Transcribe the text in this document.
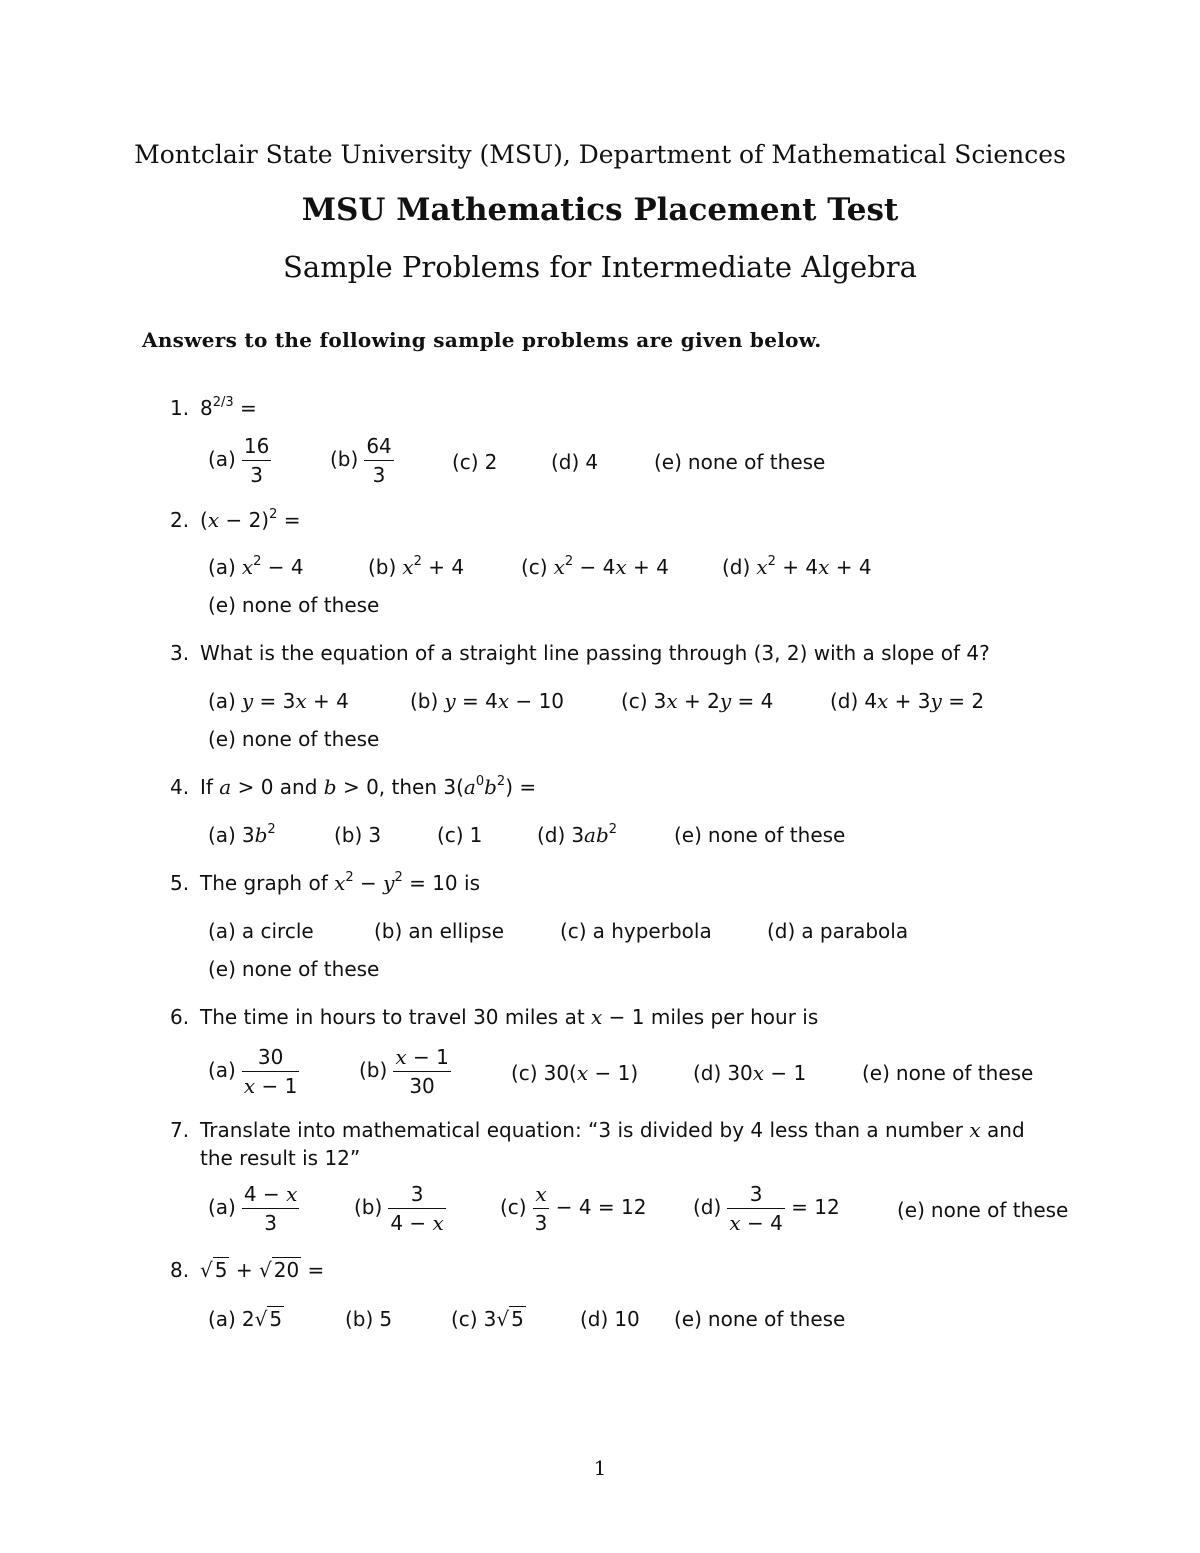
Montclair State University (MSU), Department of Mathematical Sciences
MSU Mathematics Placement Test
Sample Problems for Intermediate Algebra
Answers to the following sample problems are given below.
1. $8^{2/3}$ =
$(a) \frac{16}{3}$	$(b) \frac{64}{3}$	(c) 2	(d) 4	(e) none of these
2. $(x - 2)^2$ =
(a) $x^2 - 4$	(b) $x^2 + 4$	(c) $x^2 - 4x + 4$	(d) $x^2 + 4x + 4$
(e) none of these
3. What is the equation of a straight line passing through (3, 2) with a slope of 4?
(a) y = 3x + 4	(b) y = 4x − 10	(c) 3x + 2y = 4	(d) 4x + 3y = 2
(e) none of these
4. If a > 0 and b > 0, then $3(a^0b^2)$ =
(a) $3b^2$	(b) 3	(c) 1	(d) $3ab^2$	(e) none of these
5. The graph of $x^2 - y^2 = 10$ is
(a) a circle	(b) an ellipse	(c) a hyperbola	(d) a parabola
(e) none of these
6. The time in hours to travel 30 miles at x − 1 miles per hour is
$(a) \frac{30}{x - 1}$	$(b) \frac{x - 1}{30}$	(c) 30(x − 1)	(d) 30x − 1	(e) none of these
7. Translate into mathematical equation: “3 is divided by 4 less than a number x and
the result is 12”
$(a) \frac{4 - x}{3}$	$(b) \frac{3}{4 - x}$	$(c) \frac{x}{3} - 4 = 12$ $(d) \frac{3}{x - 4} = 12$	(e) none of these
8. √ 5 + √ 20 =
(a) 2√ 5	(b) 5	(c) 3√ 5	(d) 10 (e) none of these
1
